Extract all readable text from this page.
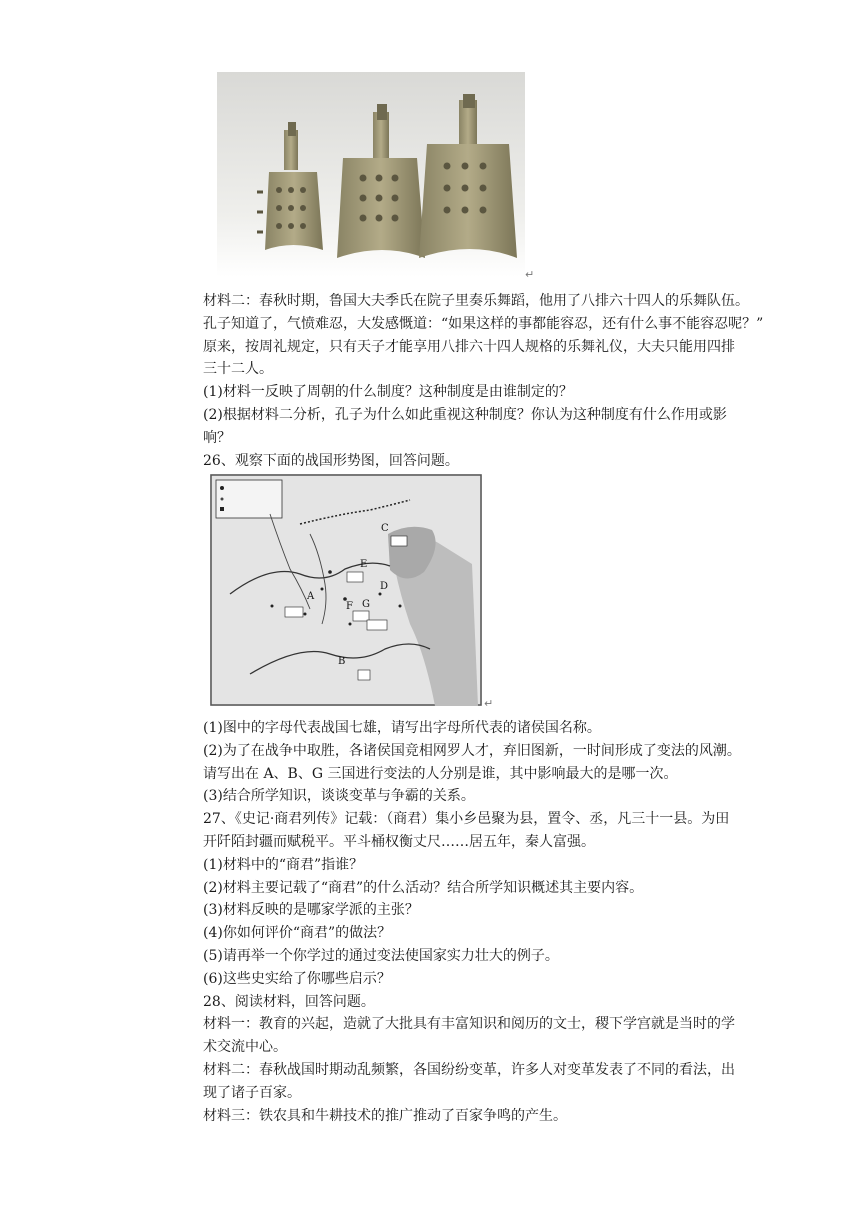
↵
材料二：春秋时期，鲁国大夫季氏在院子里奏乐舞蹈，他用了八排六十四人的乐舞队伍。
孔子知道了，气愤难忍，大发感慨道：“如果这样的事都能容忍，还有什么事不能容忍呢？”
原来，按周礼规定，只有天子才能享用八排六十四人规格的乐舞礼仪，大夫只能用四排
三十二人。
(1)材料一反映了周朝的什么制度？这种制度是由谁制定的？
(2)根据材料二分析，孔子为什么如此重视这种制度？你认为这种制度有什么作用或影
响？
26、观察下面的战国形势图，回答问题。
C
E
A
F G
D
B
↵
(1)图中的字母代表战国七雄，请写出字母所代表的诸侯国名称。
(2)为了在战争中取胜，各诸侯国竞相网罗人才，弃旧图新，一时间形成了变法的风潮。
请写出在 A、B、G 三国进行变法的人分别是谁，其中影响最大的是哪一次。
(3)结合所学知识，谈谈变革与争霸的关系。
27、《史记·商君列传》记载：（商君）集小乡邑聚为县，置令、丞，凡三十一县。为田
开阡陌封疆而赋税平。平斗桶权衡丈尺……居五年，秦人富强。
(1)材料中的“商君”指谁？
(2)材料主要记载了“商君”的什么活动？结合所学知识概述其主要内容。
(3)材料反映的是哪家学派的主张？
(4)你如何评价“商君”的做法？
(5)请再举一个你学过的通过变法使国家实力壮大的例子。
(6)这些史实给了你哪些启示？
28、阅读材料，回答问题。
材料一：教育的兴起，造就了大批具有丰富知识和阅历的文士，稷下学宫就是当时的学
术交流中心。
材料二：春秋战国时期动乱频繁，各国纷纷变革，许多人对变革发表了不同的看法，出
现了诸子百家。
材料三：铁农具和牛耕技术的推广推动了百家争鸣的产生。
